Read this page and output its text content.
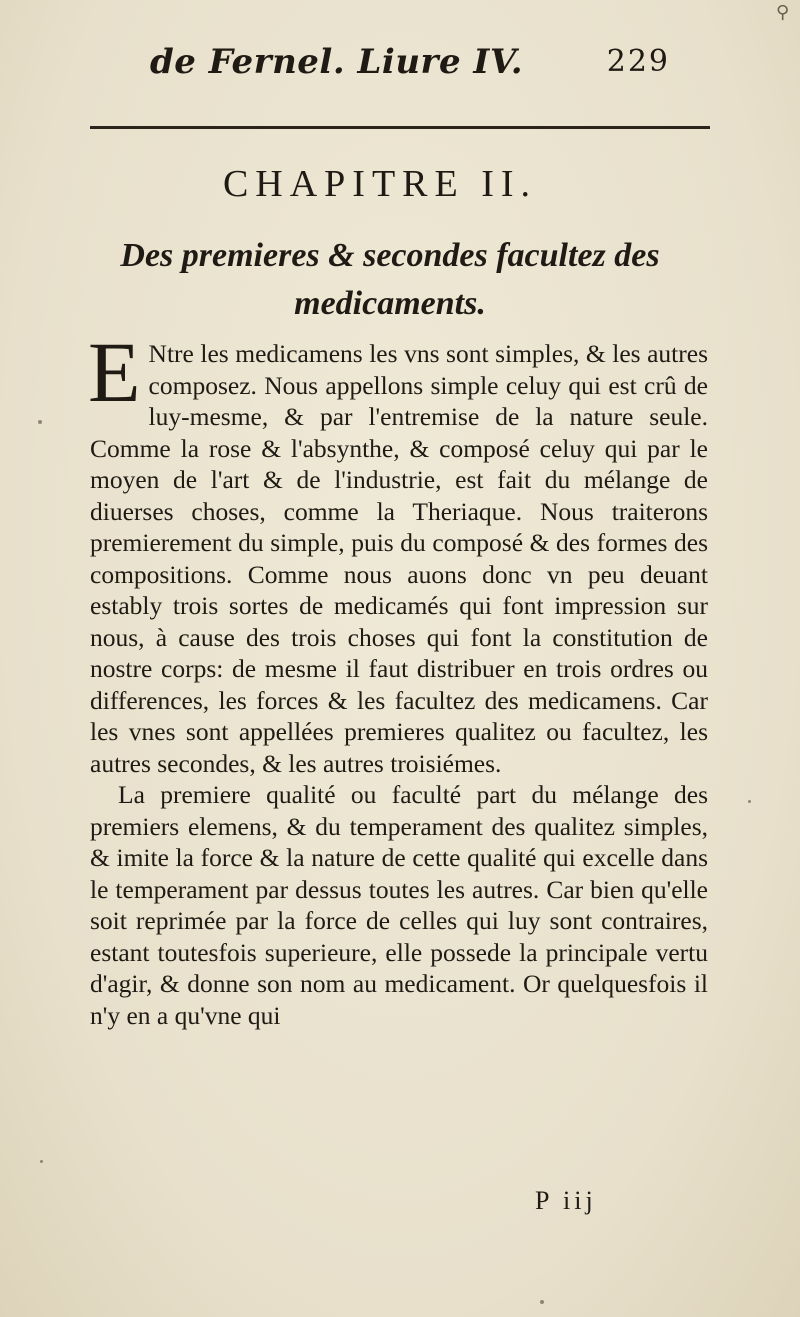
de Fernel. Liure IV.	229
CHAPITRE II.
Des premieres & secondes facultez des
medicaments.

E Ntre les medicamens les vns sont simples, & les autres composez. Nous appellons simple celuy qui est crû de luy-mesme, & par l'entremise de la nature seule. Comme la rose & l'absynthe, & composé celuy qui par le moyen de l'art & de l'industrie, est fait du mélange de diuerses choses, comme la Theriaque. Nous traiterons premierement du simple, puis du composé & des formes des compositions. Comme nous auons donc vn peu deuant estably trois sortes de medicamés qui font impression sur nous, à cause des trois choses qui font la constitution de nostre corps: de mesme il faut distribuer en trois ordres ou differences, les forces & les facultez des medicamens. Car les vnes sont appellées premieres qualitez ou facultez, les autres secondes, & les autres troisiémes.

La premiere qualité ou faculté part du mélange des premiers elemens, & du temperament des qualitez simples, & imite la force & la nature de cette qualité qui excelle dans le temperament par dessus toutes les autres. Car bien qu'elle soit reprimée par la force de celles qui luy sont contraires, estant toutesfois superieure, elle possede la principale vertu d'agir, & donne son nom au medicament. Or quelquesfois il n'y en a qu'vne qui

P iij
⚲
